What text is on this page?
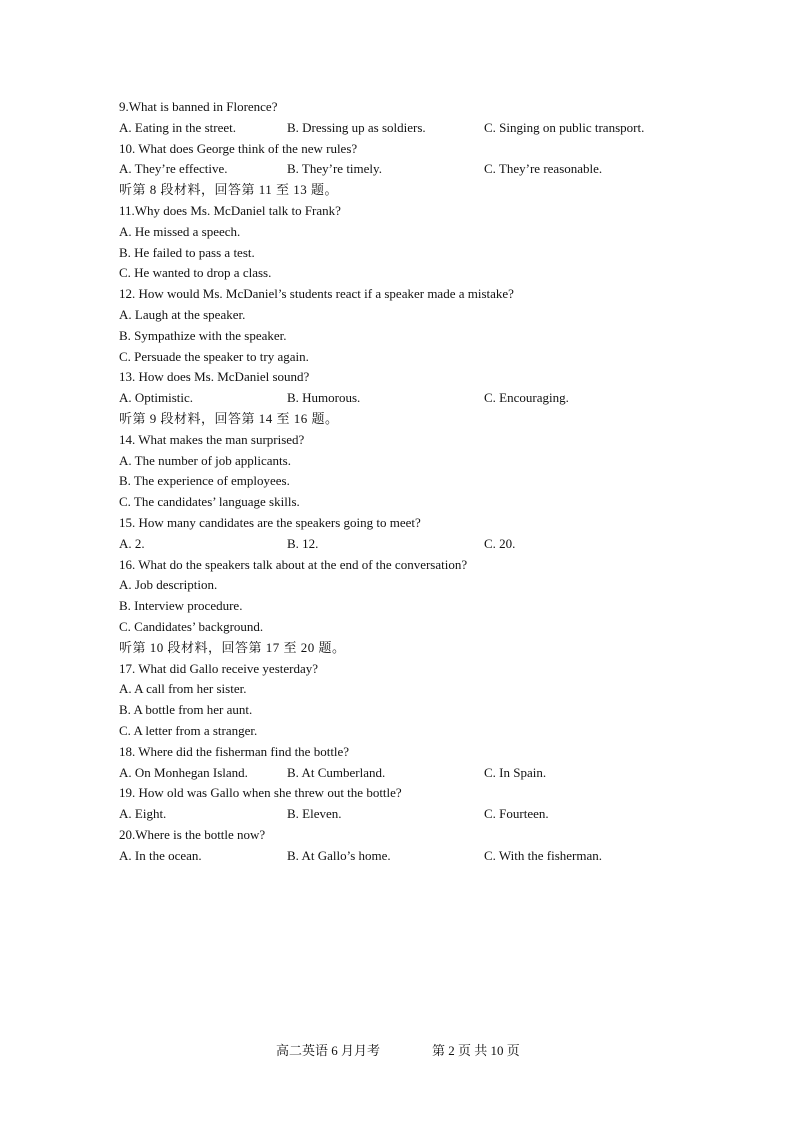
9.What is banned in Florence?
A. Eating in the street.	B. Dressing up as soldiers.	C. Singing on public transport.
10. What does George think of the new rules?
A. They’re effective.	B. They’re timely.	C. They’re reasonable.
听第 8 段材料，回答第 11 至 13 题。
11.Why does Ms. McDaniel talk to Frank?
A. He missed a speech.
B. He failed to pass a test.
C. He wanted to drop a class.
12. How would Ms. McDaniel’s students react if a speaker made a mistake?
A. Laugh at the speaker.
B. Sympathize with the speaker.
C. Persuade the speaker to try again.
13. How does Ms. McDaniel sound?
A. Optimistic.	B. Humorous.	C. Encouraging.
听第 9 段材料，回答第 14 至 16 题。
14. What makes the man surprised?
A. The number of job applicants.
B. The experience of employees.
C. The candidates’ language skills.
15. How many candidates are the speakers going to meet?
A. 2.	B. 12.	C. 20.
16. What do the speakers talk about at the end of the conversation?
A. Job description.
B. Interview procedure.
C. Candidates’ background.
听第 10 段材料，回答第 17 至 20 题。
17. What did Gallo receive yesterday?
A. A call from her sister.
B. A bottle from her aunt.
C. A letter from a stranger.
18. Where did the fisherman find the bottle?
A. On Monhegan Island.	B. At Cumberland.	C. In Spain.
19. How old was Gallo when she threw out the bottle?
A. Eight.	B. Eleven.	C. Fourteen.
20.Where is the bottle now?
A. In the ocean.	B. At Gallo’s home.	C. With the fisherman.
高二英语 6 月月考	第 2 页 共 10 页
